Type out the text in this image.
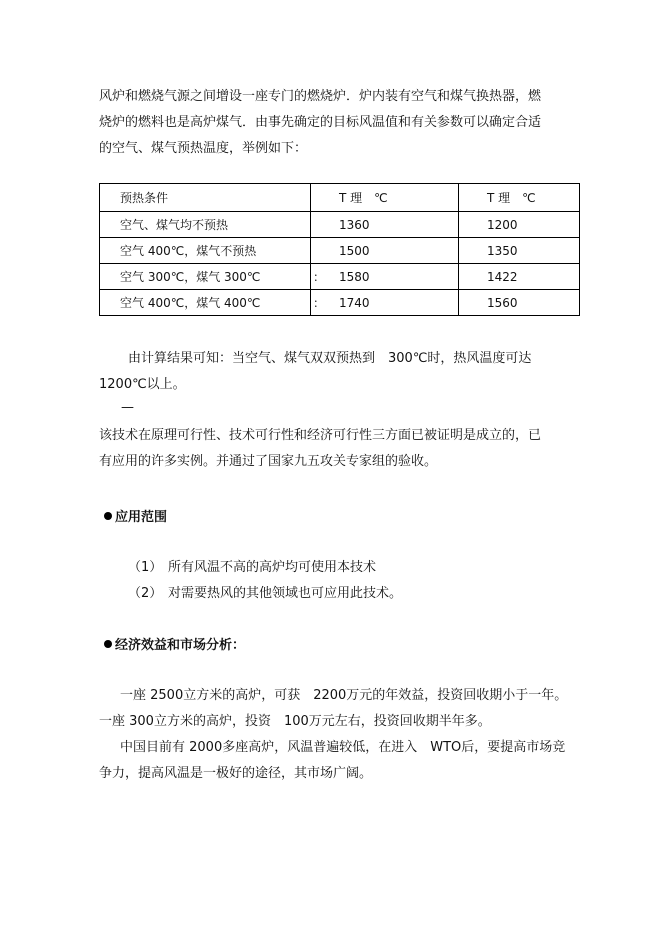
风炉和燃烧气源之间增设一座专门的燃烧炉．炉内装有空气和煤气换热器，燃
烧炉的燃料也是高炉煤气．由事先确定的目标风温值和有关参数可以确定合适
的空气、煤气预热温度，举例如下：
预热条件	T 理　℃	T 理　℃
空气、煤气均不预热	1360	1200
空气 400℃，煤气不预热	1500	1350
空气 300℃，煤气 300℃	： 1580	1422
空气 400℃，煤气 400℃	： 1740	1560
由计算结果可知：当空气、煤气双双预热到　300℃时，热风温度可达
1200℃以上。
—
该技术在原理可行性、技术可行性和经济可行性三方面已被证明是成立的，已
有应用的许多实例。并通过了国家九五攻关专家组的验收。
应用范围
（1） 所有风温不高的高炉均可使用本技术
（2） 对需要热风的其他领域也可应用此技术。
经济效益和市场分析：
一座 2500立方米的高炉，可获　2200万元的年效益，投资回收期小于一年。
一座 300立方米的高炉，投资　100万元左右，投资回收期半年多。
中国目前有 2000多座高炉，风温普遍较低，在进入　WTO后，要提高市场竞
争力，提高风温是一极好的途径，其市场广阔。
